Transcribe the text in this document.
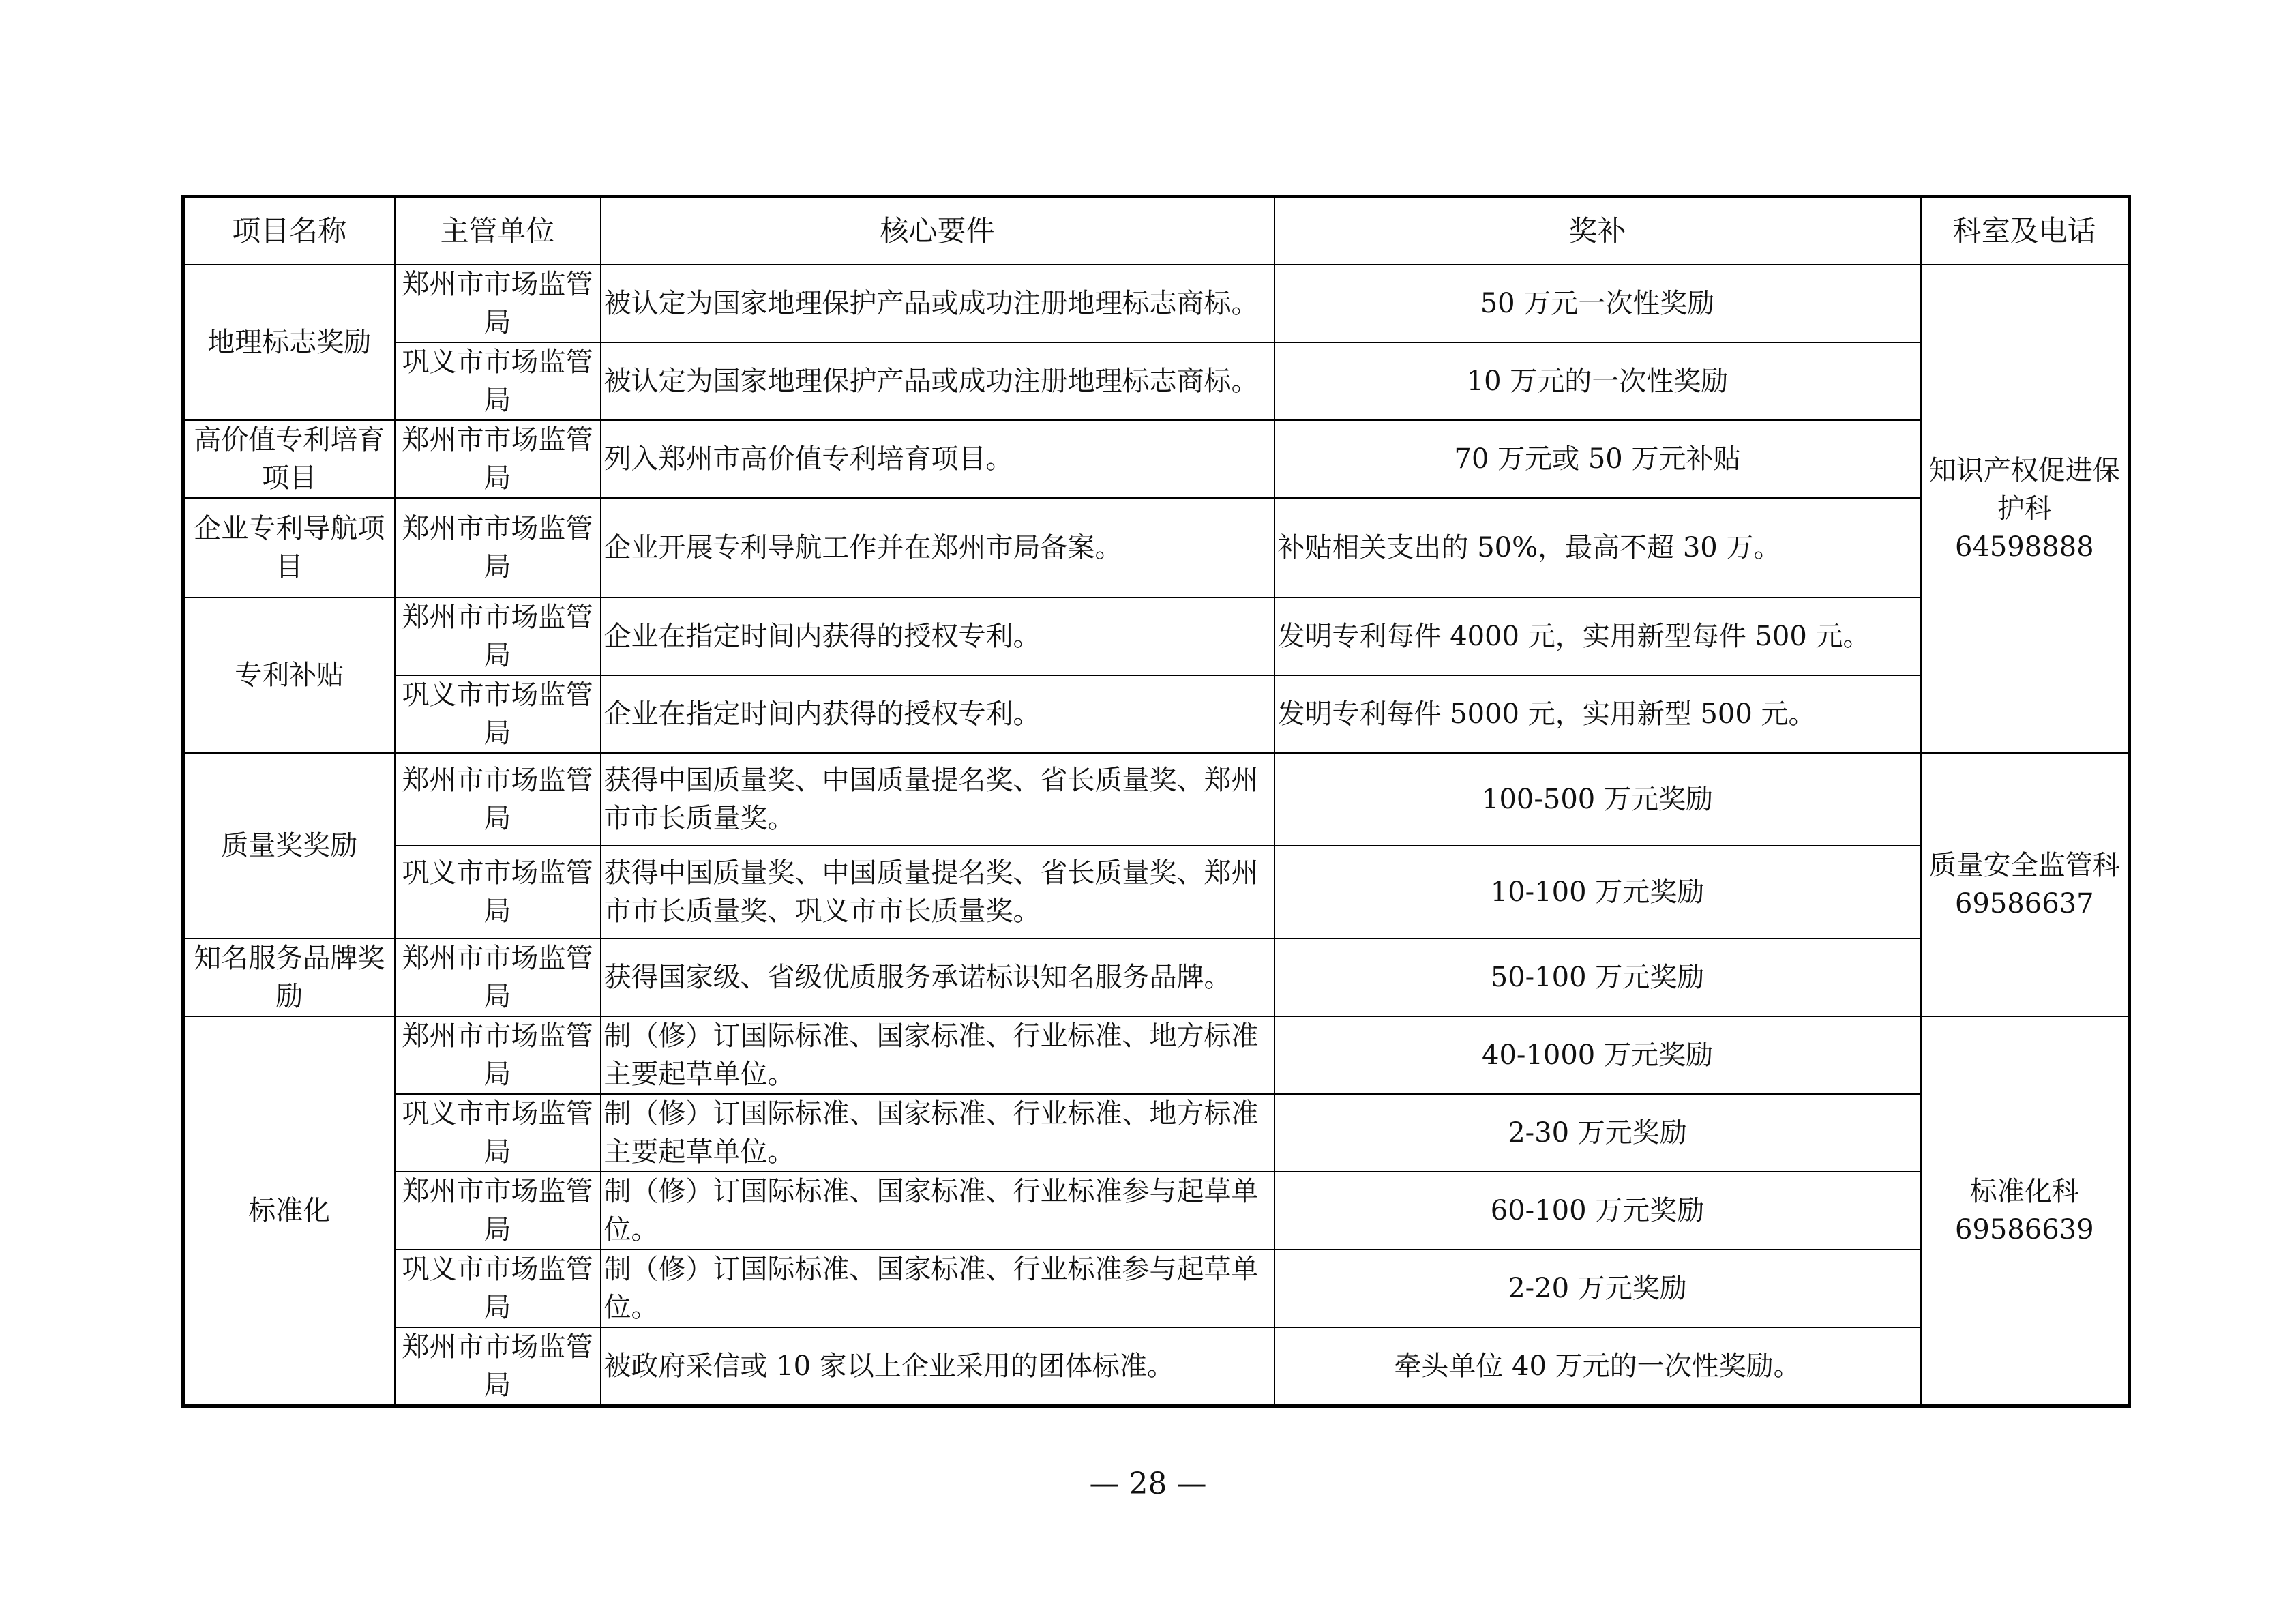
项目名称	主管单位	核心要件	奖补	科室及电话
地理标志奖励	郑州市市场监管局	被认定为国家地理保护产品或成功注册地理标志商标。	50 万元一次性奖励	知识产权促进保护科 64598888
	巩义市市场监管局	被认定为国家地理保护产品或成功注册地理标志商标。	10 万元的一次性奖励	
高价值专利培育项目	郑州市市场监管局	列入郑州市高价值专利培育项目。	70 万元或 50 万元补贴	
企业专利导航项目	郑州市市场监管局	企业开展专利导航工作并在郑州市局备案。	补贴相关支出的 50%，最高不超 30 万。	
专利补贴	郑州市市场监管局	企业在指定时间内获得的授权专利。	发明专利每件 4000 元，实用新型每件 500 元。	
	巩义市市场监管局	企业在指定时间内获得的授权专利。	发明专利每件 5000 元，实用新型 500 元。	
质量奖奖励	郑州市市场监管局	获得中国质量奖、中国质量提名奖、省长质量奖、郑州市市长质量奖。	100-500 万元奖励	质量安全监管科 69586637
	巩义市市场监管局	获得中国质量奖、中国质量提名奖、省长质量奖、郑州市市长质量奖、巩义市市长质量奖。	10-100 万元奖励	
知名服务品牌奖励	郑州市市场监管局	获得国家级、省级优质服务承诺标识知名服务品牌。	50-100 万元奖励	
标准化	郑州市市场监管局	制（修）订国际标准、国家标准、行业标准、地方标准主要起草单位。	40-1000 万元奖励	标准化科 69586639
	巩义市市场监管局	制（修）订国际标准、国家标准、行业标准、地方标准主要起草单位。	2-30 万元奖励	
	郑州市市场监管局	制（修）订国际标准、国家标准、行业标准参与起草单位。	60-100 万元奖励	
	巩义市市场监管局	制（修）订国际标准、国家标准、行业标准参与起草单位。	2-20 万元奖励	
	郑州市市场监管局	被政府采信或 10 家以上企业采用的团体标准。	牵头单位 40 万元的一次性奖励。	
— 28 —
